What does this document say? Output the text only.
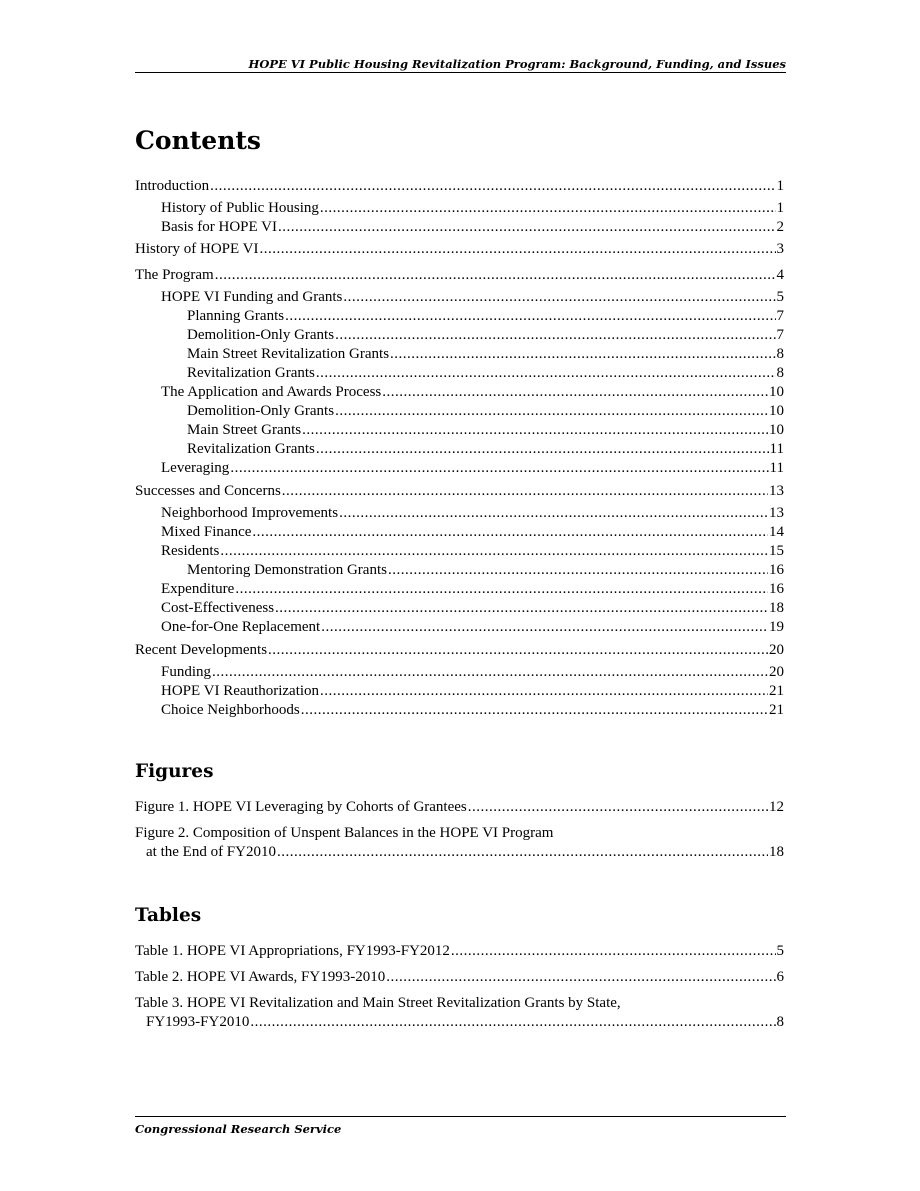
HOPE VI Public Housing Revitalization Program: Background, Funding, and Issues
Contents
Introduction .....	1
History of Public Housing .....	1
Basis for HOPE VI .....	2
History of HOPE VI .....	3
The Program .....	4
HOPE VI Funding and Grants .....	5
Planning Grants .....	7
Demolition-Only Grants .....	7
Main Street Revitalization Grants .....	8
Revitalization Grants .....	8
The Application and Awards Process .....	10
Demolition-Only Grants .....	10
Main Street Grants .....	10
Revitalization Grants .....	11
Leveraging .....	11
Successes and Concerns .....	13
Neighborhood Improvements .....	13
Mixed Finance .....	14
Residents .....	15
Mentoring Demonstration Grants .....	16
Expenditure .....	16
Cost-Effectiveness .....	18
One-for-One Replacement .....	19
Recent Developments .....	20
Funding .....	20
HOPE VI Reauthorization .....	21
Choice Neighborhoods .....	21
Figures
Figure 1. HOPE VI Leveraging by Cohorts of Grantees .....	12
Figure 2. Composition of Unspent Balances in the HOPE VI Program
at the End of FY2010 .....	18
Tables
Table 1. HOPE VI Appropriations, FY1993-FY2012 .....	5
Table 2. HOPE VI Awards, FY1993-2010 .....	6
Table 3. HOPE VI Revitalization and Main Street Revitalization Grants by State,
FY1993-FY2010 .....	8
Congressional Research Service
